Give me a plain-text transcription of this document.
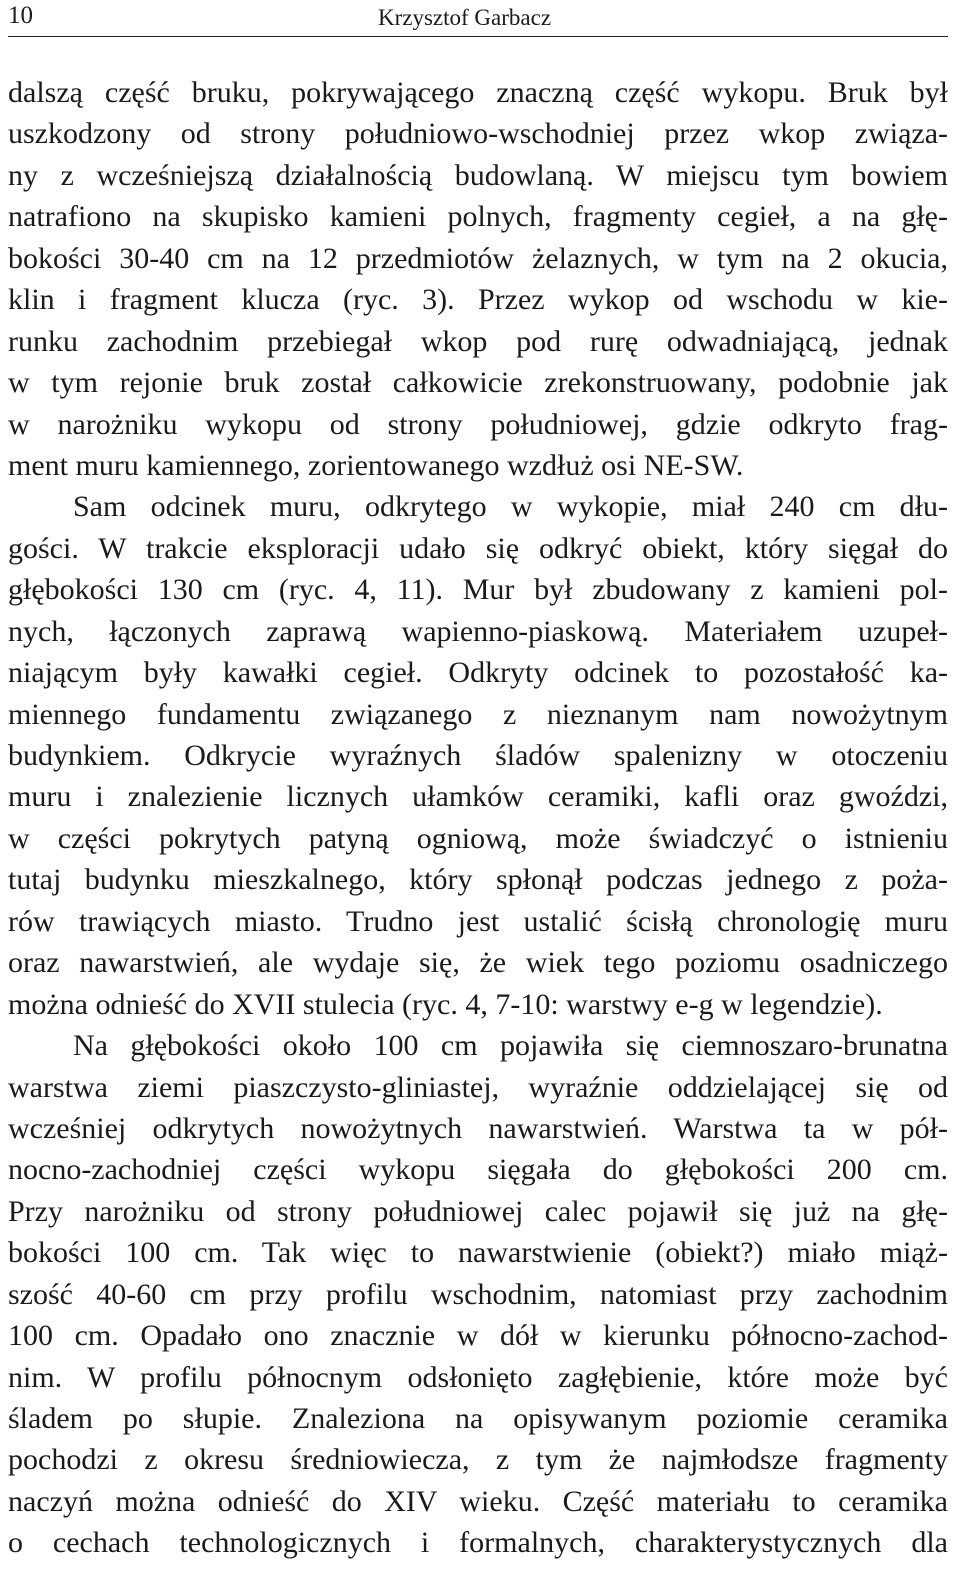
10	Krzysztof Garbacz
dalszą część bruku, pokrywającego znaczną część wykopu. Bruk był
uszkodzony od strony południowo-wschodniej przez wkop związa-
ny z wcześniejszą działalnością budowlaną. W miejscu tym bowiem
natrafiono na skupisko kamieni polnych, fragmenty cegieł, a na głę-
bokości 30-40 cm na 12 przedmiotów żelaznych, w tym na 2 okucia,
klin i fragment klucza (ryc. 3). Przez wykop od wschodu w kie-
runku zachodnim przebiegał wkop pod rurę odwadniającą, jednak
w tym rejonie bruk został całkowicie zrekonstruowany, podobnie jak
w narożniku wykopu od strony południowej, gdzie odkryto frag-
ment muru kamiennego, zorientowanego wzdłuż osi NE-SW.
Sam odcinek muru, odkrytego w wykopie, miał 240 cm dłu-
gości. W trakcie eksploracji udało się odkryć obiekt, który sięgał do
głębokości 130 cm (ryc. 4, 11). Mur był zbudowany z kamieni pol-
nych, łączonych zaprawą wapienno-piaskową. Materiałem uzupeł-
niającym były kawałki cegieł. Odkryty odcinek to pozostałość ka-
miennego fundamentu związanego z nieznanym nam nowożytnym
budynkiem. Odkrycie wyraźnych śladów spalenizny w otoczeniu
muru i znalezienie licznych ułamków ceramiki, kafli oraz gwoździ,
w części pokrytych patyną ogniową, może świadczyć o istnieniu
tutaj budynku mieszkalnego, który spłonął podczas jednego z poża-
rów trawiących miasto. Trudno jest ustalić ścisłą chronologię muru
oraz nawarstwień, ale wydaje się, że wiek tego poziomu osadniczego
można odnieść do XVII stulecia (ryc. 4, 7-10: warstwy e-g w legendzie).
Na głębokości około 100 cm pojawiła się ciemnoszaro-brunatna
warstwa ziemi piaszczysto-gliniastej, wyraźnie oddzielającej się od
wcześniej odkrytych nowożytnych nawarstwień. Warstwa ta w pół-
nocno-zachodniej części wykopu sięgała do głębokości 200 cm.
Przy narożniku od strony południowej calec pojawił się już na głę-
bokości 100 cm. Tak więc to nawarstwienie (obiekt?) miało miąż-
szość 40-60 cm przy profilu wschodnim, natomiast przy zachodnim
100 cm. Opadało ono znacznie w dół w kierunku północno-zachod-
nim. W profilu północnym odsłonięto zagłębienie, które może być
śladem po słupie. Znaleziona na opisywanym poziomie ceramika
pochodzi z okresu średniowiecza, z tym że najmłodsze fragmenty
naczyń można odnieść do XIV wieku. Część materiału to ceramika
o cechach technologicznych i formalnych, charakterystycznych dla
